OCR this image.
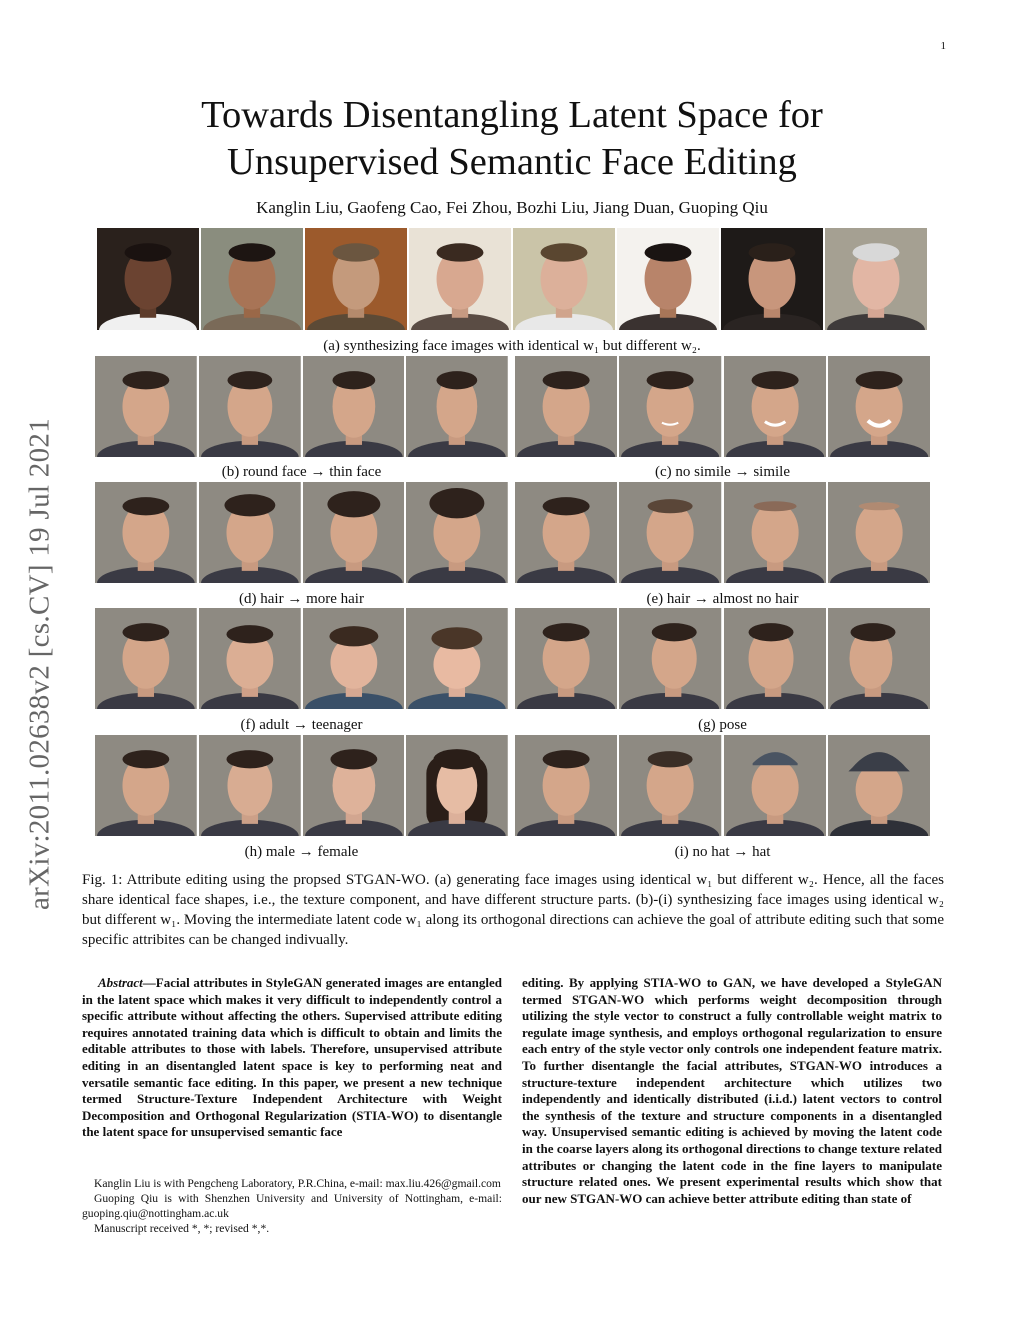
1
arXiv:2011.02638v2 [cs.CV] 19 Jul 2021
Towards Disentangling Latent Space for
Unsupervised Semantic Face Editing
Kanglin Liu, Gaofeng Cao, Fei Zhou, Bozhi Liu, Jiang Duan, Guoping Qiu
(a) synthesizing face images with identical w₁ but different w₂.
(b) round face → thin face	(c) no simile → simile
(d) hair → more hair	(e) hair → almost no hair
(f) adult → teenager	(g) pose
(h) male → female	(i) no hat → hat
Fig. 1: Attribute editing using the propsed STGAN-WO. (a) generating face images using identical w₁ but different w₂. Hence, all the faces share identical face shapes, i.e., the texture component, and have different structure parts. (b)-(i) synthesizing face images using identical w₂ but different w₁. Moving the intermediate latent code w₁ along its orthogonal directions can achieve the goal of attribute editing such that some specific attribites can be changed indivually.
Abstract—Facial attributes in StyleGAN generated images are entangled in the latent space which makes it very difficult to independently control a specific attribute without affecting the others. Supervised attribute editing requires annotated training data which is difficult to obtain and limits the editable attributes to those with labels. Therefore, unsupervised attribute editing in an disentangled latent space is key to performing neat and versatile semantic face editing. In this paper, we present a new technique termed Structure-Texture Independent Architecture with Weight Decomposition and Orthogonal Regularization (STIA-WO) to disentangle the latent space for unsupervised semantic face

Kanglin Liu is with Pengcheng Laboratory, P.R.China, e-mail: max.liu.426@gmail.com

Guoping Qiu is with Shenzhen University and University of Nottingham, e-mail: guoping.qiu@nottingham.ac.uk

Manuscript received *, *; revised *,*.

editing. By applying STIA-WO to GAN, we have developed a StyleGAN termed STGAN-WO which performs weight decomposition through utilizing the style vector to construct a fully controllable weight matrix to regulate image synthesis, and employs orthogonal regularization to ensure each entry of the style vector only controls one independent feature matrix. To further disentangle the facial attributes, STGAN-WO introduces a structure-texture independent architecture which utilizes two independently and identically distributed (i.i.d.) latent vectors to control the synthesis of the texture and structure components in a disentangled way. Unsupervised semantic editing is achieved by moving the latent code in the coarse layers along its orthogonal directions to change texture related attributes or changing the latent code in the fine layers to manipulate structure related ones. We present experimental results which show that our new STGAN-WO can achieve better attribute editing than state of
